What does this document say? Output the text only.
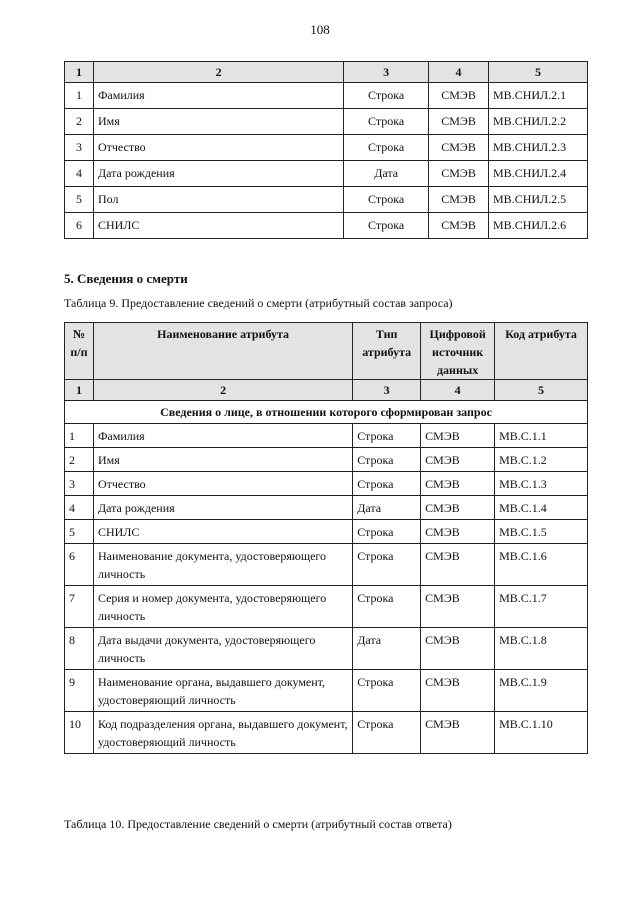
108
1	2	3	4	5
1	Фамилия	Строка	СМЭВ	МВ.СНИЛ.2.1
2	Имя	Строка	СМЭВ	МВ.СНИЛ.2.2
3	Отчество	Строка	СМЭВ	МВ.СНИЛ.2.3
4	Дата рождения	Дата	СМЭВ	МВ.СНИЛ.2.4
5	Пол	Строка	СМЭВ	МВ.СНИЛ.2.5
6	СНИЛС	Строка	СМЭВ	МВ.СНИЛ.2.6
5. Сведения о смерти
Таблица 9. Предоставление сведений о смерти (атрибутный состав запроса)
№ п/п	Наименование атрибута	Тип атрибута	Цифровой источник данных	Код атрибута
1	2	3	4	5
Сведения о лице, в отношении которого сформирован запрос				
1	Фамилия	Строка	СМЭВ	МВ.С.1.1
2	Имя	Строка	СМЭВ	МВ.С.1.2
3	Отчество	Строка	СМЭВ	МВ.С.1.3
4	Дата рождения	Дата	СМЭВ	МВ.С.1.4
5	СНИЛС	Строка	СМЭВ	МВ.С.1.5
6	Наименование документа, удостоверяющего личность	Строка	СМЭВ	МВ.С.1.6
7	Серия и номер документа, удостоверяющего личность	Строка	СМЭВ	МВ.С.1.7
8	Дата выдачи документа, удостоверяющего личность	Дата	СМЭВ	МВ.С.1.8
9	Наименование органа, выдавшего документ, удостоверяющий личность	Строка	СМЭВ	МВ.С.1.9
10	Код подразделения органа, выдавшего документ, удостоверяющий личность	Строка	СМЭВ	МВ.С.1.10
Таблица 10. Предоставление сведений о смерти (атрибутный состав ответа)
